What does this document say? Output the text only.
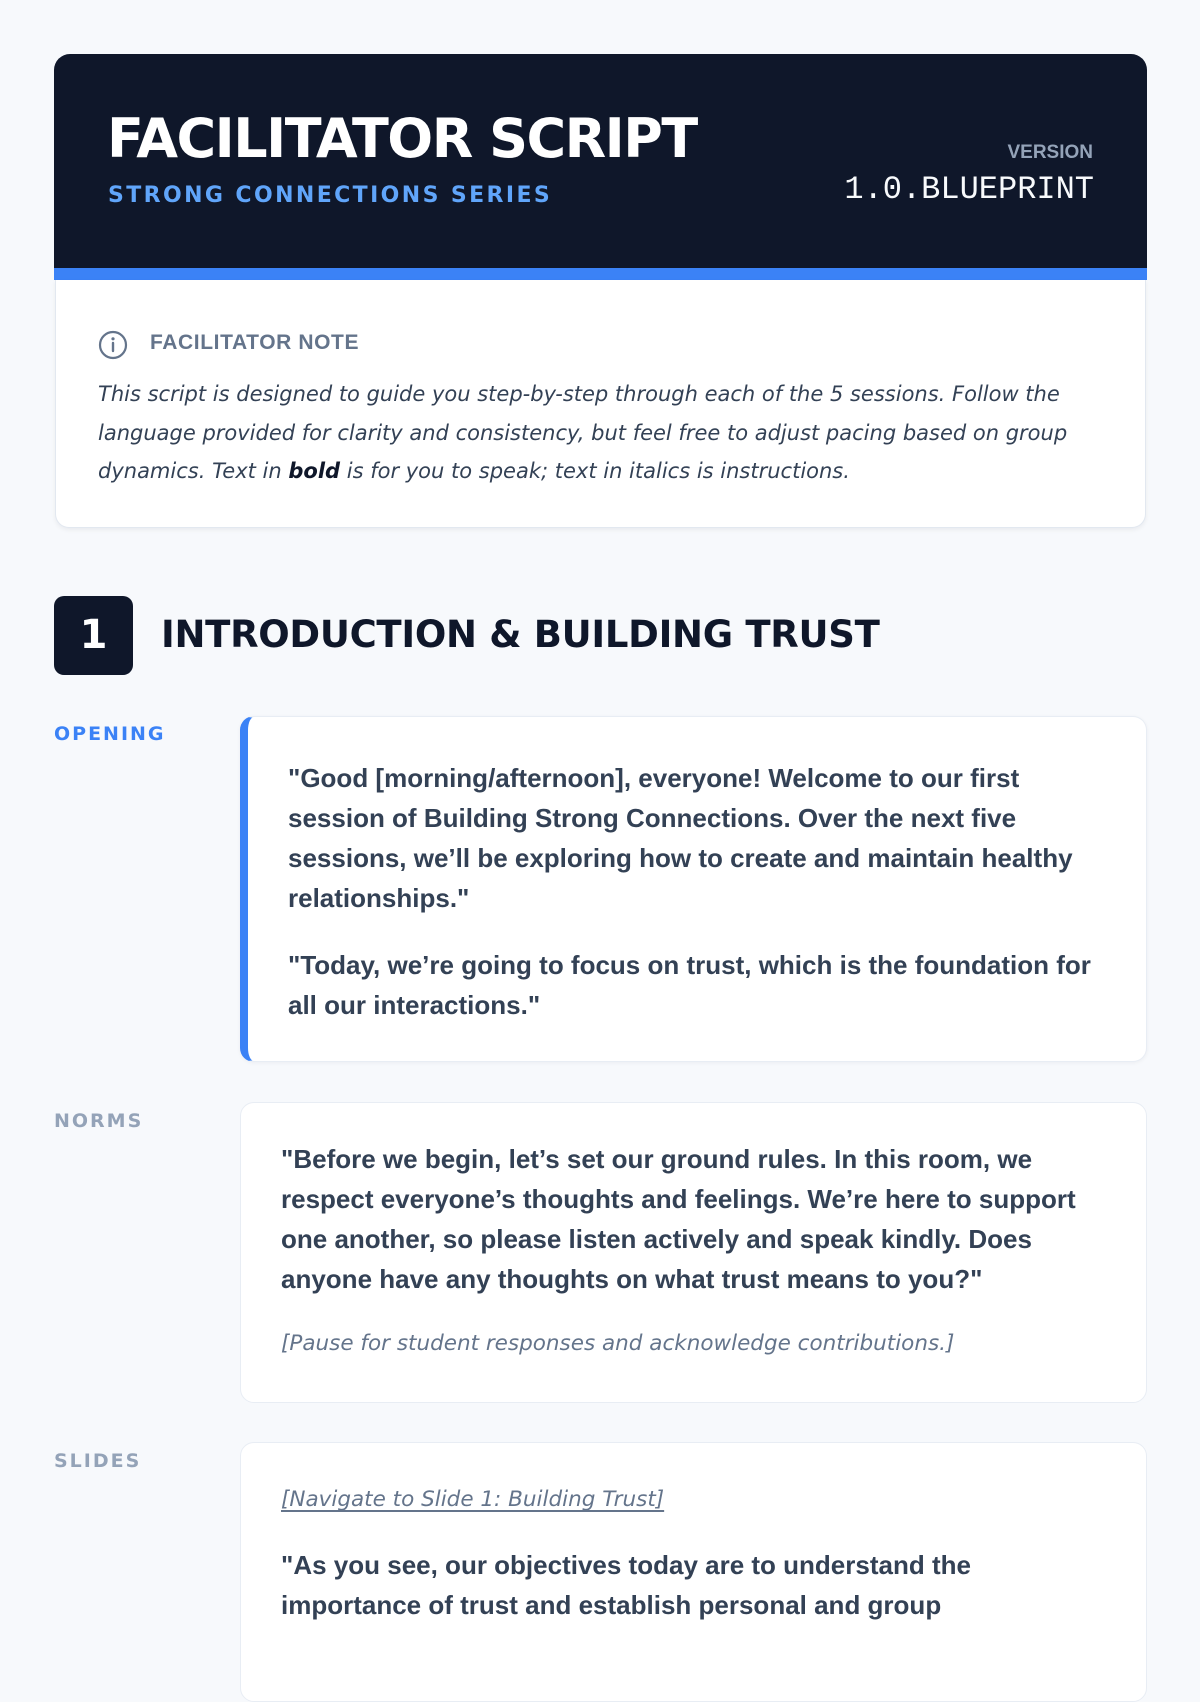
FACILITATOR SCRIPT
STRONG CONNECTIONS SERIES
VERSION
1.0.BLUEPRINT
FACILITATOR NOTE

This script is designed to guide you step-by-step through each of the 5 sessions. Follow the language provided for clarity and consistency, but feel free to adjust pacing based on group dynamics. Text in bold is for you to speak; text in italics is instructions.

1	INTRODUCTION & BUILDING TRUST
OPENING

"Good [morning/afternoon], everyone! Welcome to our first session of Building Strong Connections. Over the next five sessions, we’ll be exploring how to create and maintain healthy relationships."

"Today, we’re going to focus on trust, which is the foundation for all our interactions."

NORMS

"Before we begin, let’s set our ground rules. In this room, we respect everyone’s thoughts and feelings. We’re here to support one another, so please listen actively and speak kindly. Does anyone have any thoughts on what trust means to you?"

[Pause for student responses and acknowledge contributions.]

SLIDES
[Navigate to Slide 1: Building Trust]

"As you see, our objectives today are to understand the importance of trust and establish personal and group
